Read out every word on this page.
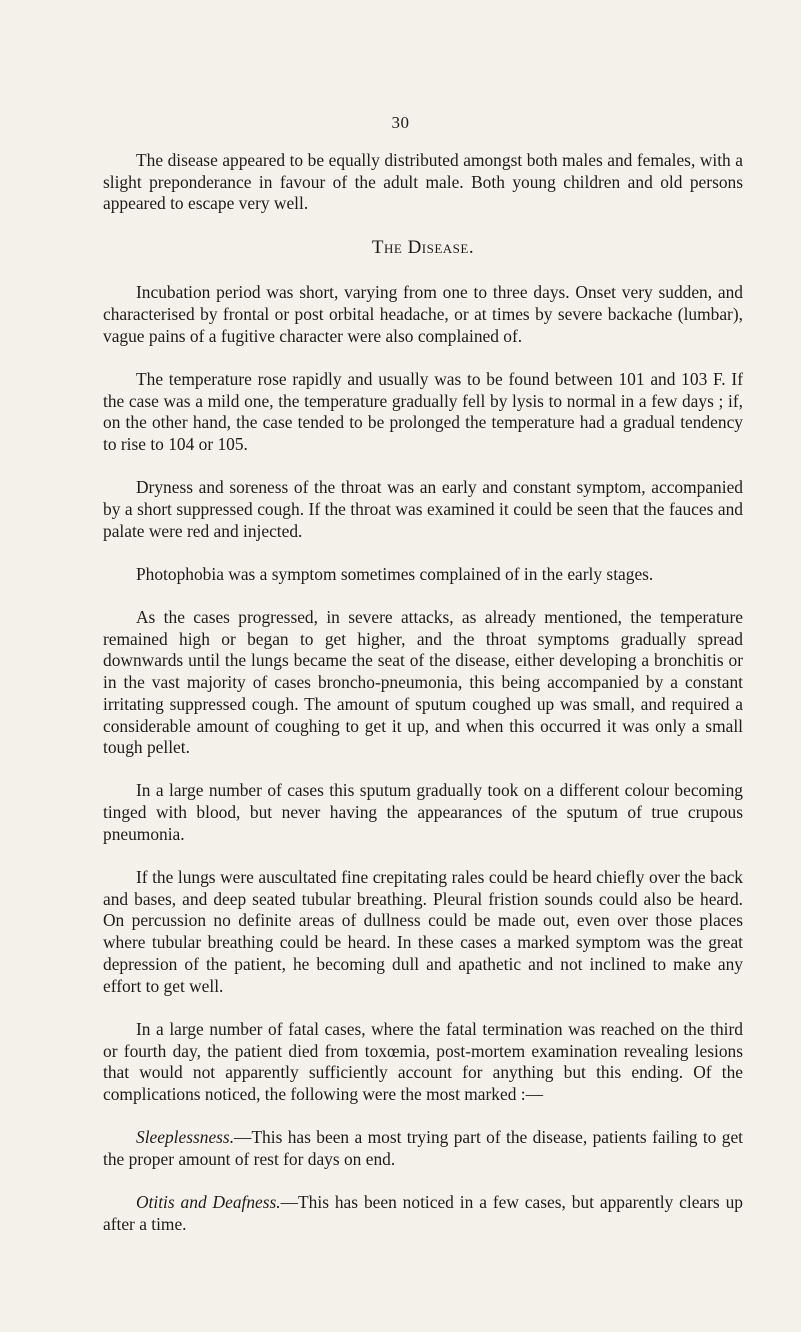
30

The disease appeared to be equally distributed amongst both males and females, with a slight preponderance in favour of the adult male. Both young children and old persons appeared to escape very well.

The Disease.

Incubation period was short, varying from one to three days. Onset very sudden, and characterised by frontal or post orbital headache, or at times by severe backache (lumbar), vague pains of a fugitive character were also complained of.

The temperature rose rapidly and usually was to be found between 101 and 103 F. If the case was a mild one, the temperature gradually fell by lysis to normal in a few days ; if, on the other hand, the case tended to be prolonged the temperature had a gradual tendency to rise to 104 or 105.

Dryness and soreness of the throat was an early and constant symptom, accompanied by a short suppressed cough. If the throat was examined it could be seen that the fauces and palate were red and injected.

Photophobia was a symptom sometimes complained of in the early stages.

As the cases progressed, in severe attacks, as already mentioned, the temperature remained high or began to get higher, and the throat symptoms gradually spread downwards until the lungs became the seat of the disease, either developing a bronchitis or in the vast majority of cases broncho-pneumonia, this being accompanied by a constant irritating suppressed cough. The amount of sputum coughed up was small, and required a considerable amount of coughing to get it up, and when this occurred it was only a small tough pellet.

In a large number of cases this sputum gradually took on a different colour becoming tinged with blood, but never having the appearances of the sputum of true crupous pneumonia.

If the lungs were auscultated fine crepitating rales could be heard chiefly over the back and bases, and deep seated tubular breathing. Pleural fristion sounds could also be heard. On percussion no definite areas of dullness could be made out, even over those places where tubular breathing could be heard. In these cases a marked symptom was the great depression of the patient, he becoming dull and apathetic and not inclined to make any effort to get well.

In a large number of fatal cases, where the fatal termination was reached on the third or fourth day, the patient died from toxœmia, post-mortem examination revealing lesions that would not apparently sufficiently account for anything but this ending. Of the complications noticed, the following were the most marked :—

Sleeplessness.—This has been a most trying part of the disease, patients failing to get the proper amount of rest for days on end.

Otitis and Deafness.—This has been noticed in a few cases, but apparently clears up after a time.
